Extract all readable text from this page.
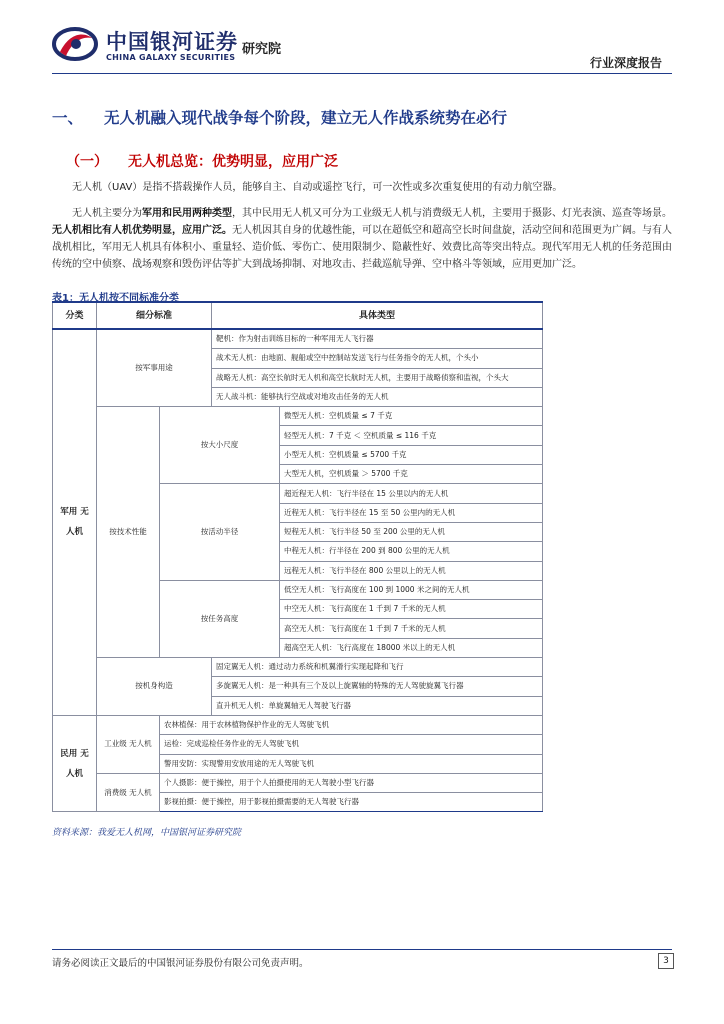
中国银河证券
CHINA GALAXY SECURITIES
研究院
行业深度报告
一、 无人机融入现代战争每个阶段，建立无人作战系统势在必行
（一） 无人机总览：优势明显，应用广泛
无人机（UAV）是指不搭载操作人员，能够自主、自动或遥控飞行，可一次性或多次重复使用的有动力航空器。
无人机主要分为军用和民用两种类型，其中民用无人机又可分为工业级无人机与消费级无人机，主要用于摄影、灯光表演、巡查等场景。无人机相比有人机优势明显，应用广泛。无人机因其自身的优越性能，可以在超低空和超高空长时间盘旋，活动空间和范围更为广阔。与有人战机相比，军用无人机具有体积小、重量轻、造价低、零伤亡、使用限制少、隐蔽性好、效费比高等突出特点。现代军用无人机的任务范围由传统的空中侦察、战场观察和毁伤评估等扩大到战场抑制、对地攻击、拦截巡航导弹、空中格斗等领域，应用更加广泛。
表1：无人机按不同标准分类
分类	细分标准		具体类型	
军用 无人机	按军事用途		靶机：作为射击训练目标的一种军用无人飞行器	
			战术无人机：由地面、舰船或空中控制站发送飞行与任务指令的无人机，个头小	
			战略无人机：高空长航时无人机和高空长航时无人机，主要用于战略侦察和监视，个头大	
			无人战斗机：能够执行空战或对地攻击任务的无人机	
	按技术性能	按大小尺度		微型无人机：空机质量 ≤ 7 千克
				轻型无人机：7 千克 ＜ 空机质量 ≤ 116 千克
				小型无人机：空机质量 ≤ 5700 千克
				大型无人机，空机质量 ＞ 5700 千克
		按活动半径		超近程无人机：飞行半径在 15 公里以内的无人机
				近程无人机：飞行半径在 15 至 50 公里内的无人机
				短程无人机：飞行半径 50 至 200 公里的无人机
				中程无人机：行半径在 200 到 800 公里的无人机
				远程无人机：飞行半径在 800 公里以上的无人机
		按任务高度		低空无人机：飞行高度在 100 到 1000 米之间的无人机
				中空无人机：飞行高度在 1 千到 7 千米的无人机
				高空无人机：飞行高度在 1 千到 7 千米的无人机
				超高空无人机：飞行高度在 18000 米以上的无人机
	按机身构造		固定翼无人机：通过动力系统和机翼滑行实现起降和飞行	
			多旋翼无人机：是一种具有三个及以上旋翼轴的特殊的无人驾驶旋翼飞行器	
			直升机无人机：单旋翼轴无人驾驶飞行器	
民用 无人机	工业级 无人机	农林植保：用于农林植物保护作业的无人驾驶飞机		
		运检：完成巡检任务作业的无人驾驶飞机		
		警用安防：实现警用安放用途的无人驾驶飞机		
	消费级 无人机	个人摄影：便于操控，用于个人拍摄使用的无人驾驶小型飞行器		
		影视拍摄：便于操控，用于影视拍摄需要的无人驾驶飞行器		
资料来源：我爱无人机网，中国银河证券研究院
请务必阅读正文最后的中国银河证券股份有限公司免责声明。	3
